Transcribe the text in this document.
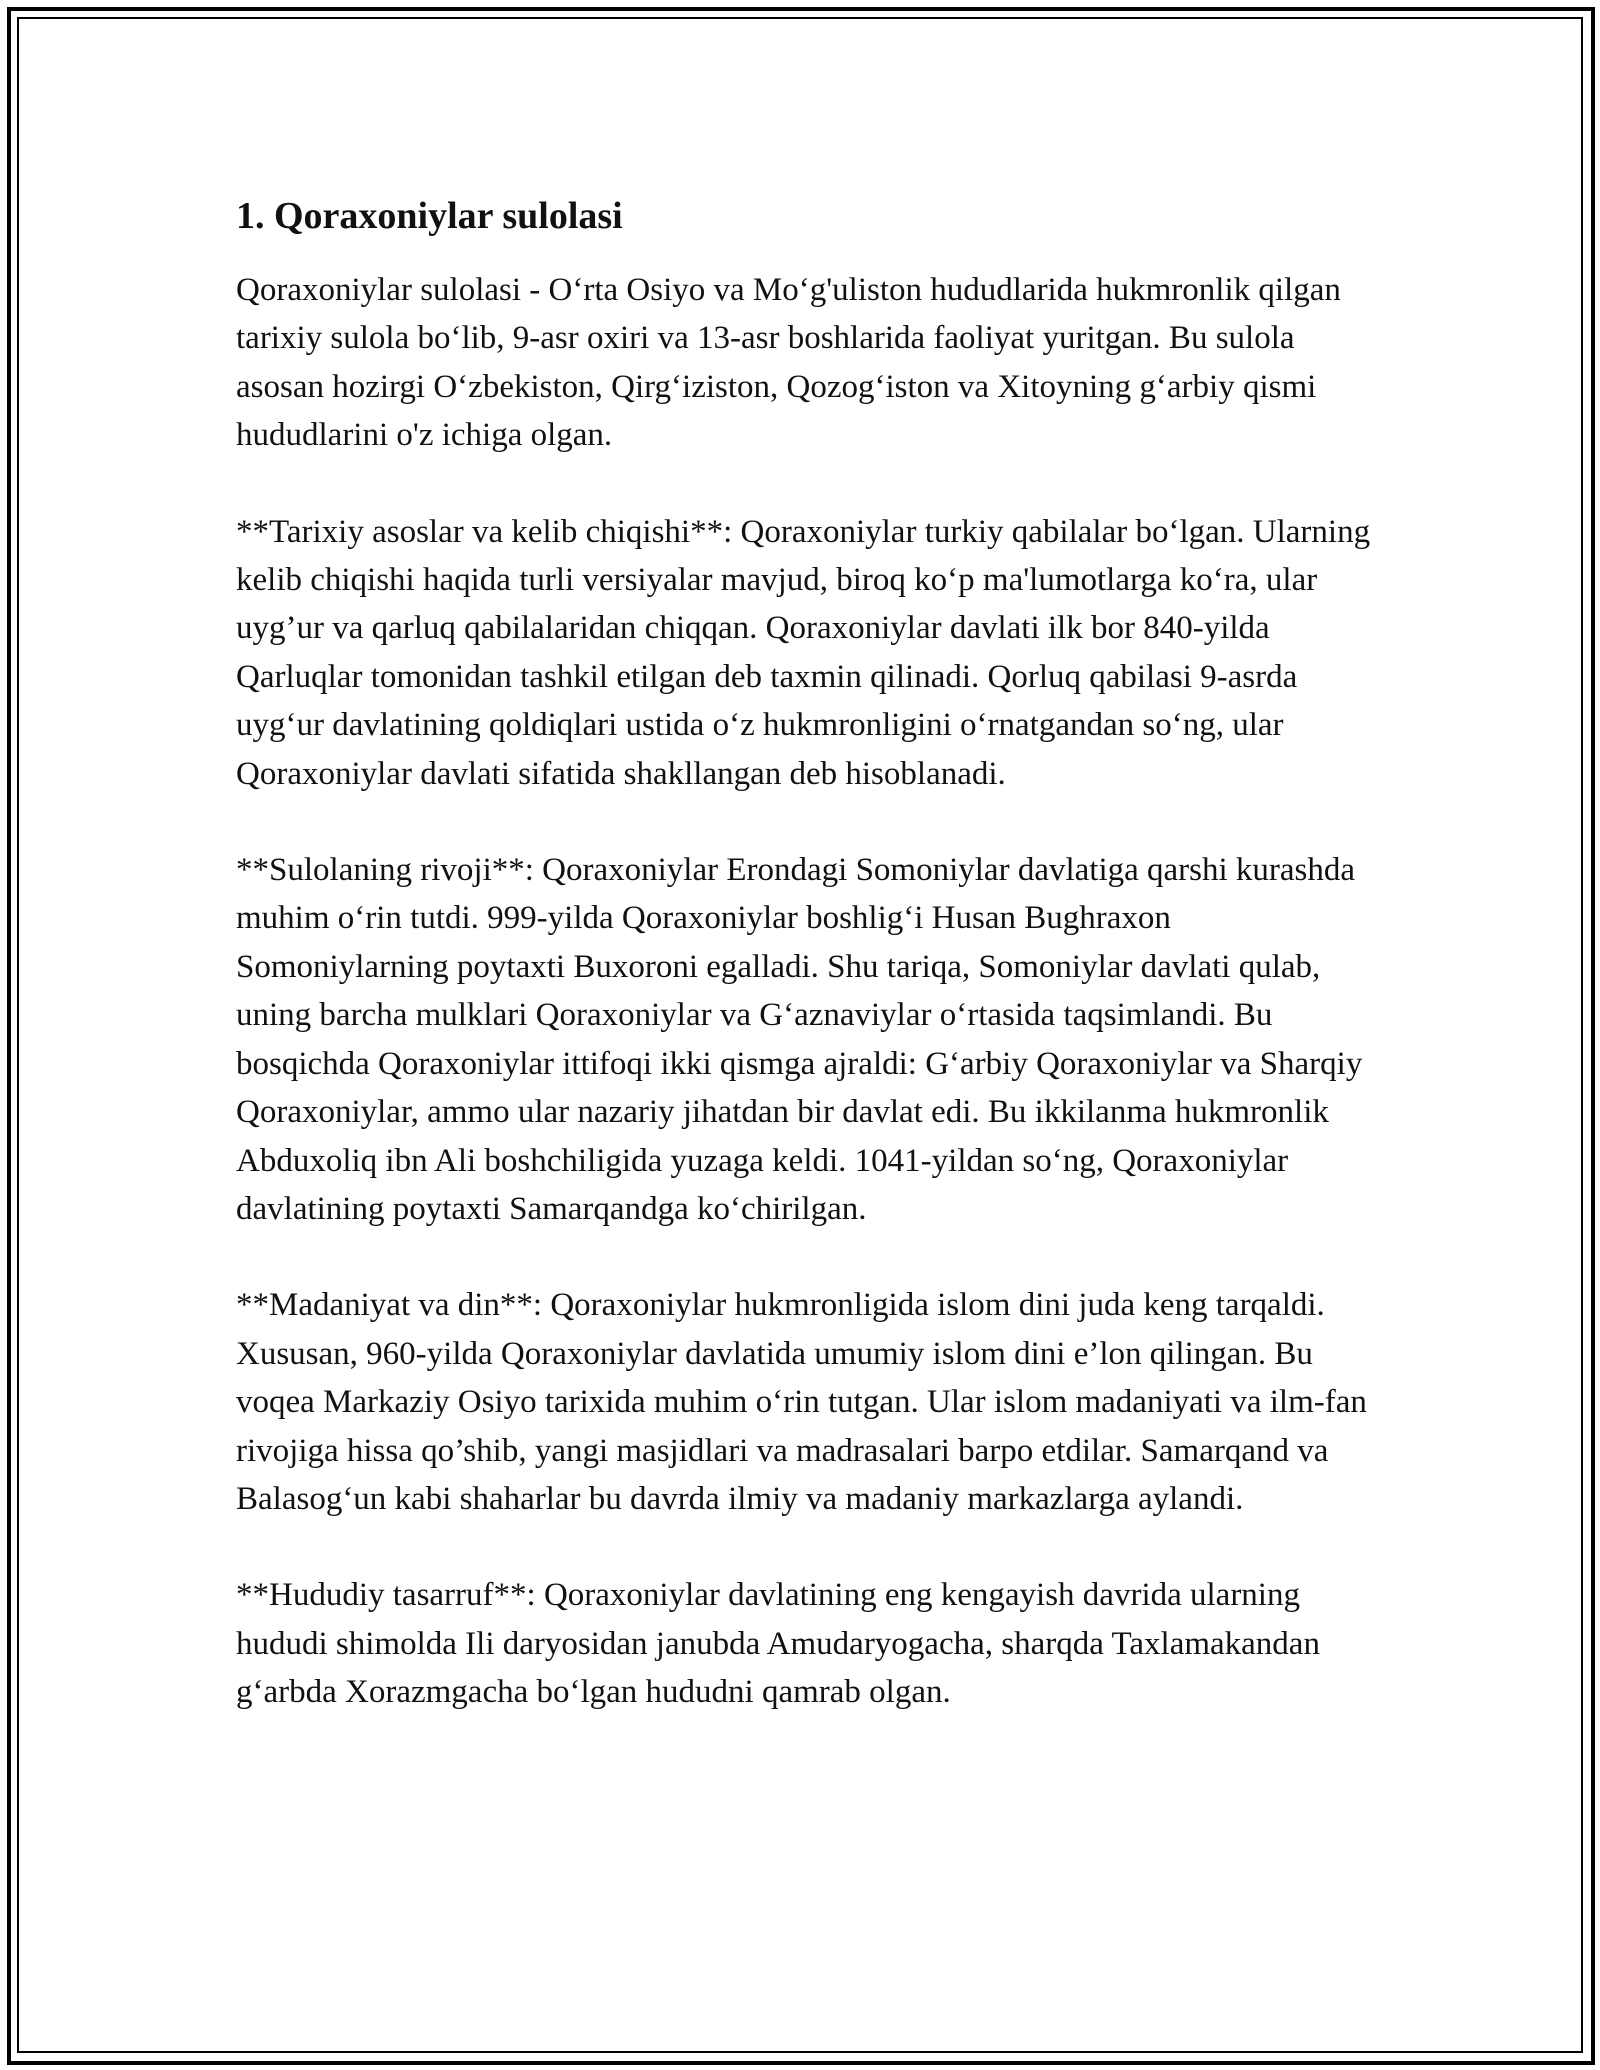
1. Qoraxoniylar sulolasi

Qoraxoniylar sulolasi - O‘rta Osiyo va Mo‘g'uliston hududlarida hukmronlik qilgan tarixiy sulola bo‘lib, 9-asr oxiri va 13-asr boshlarida faoliyat yuritgan. Bu sulola asosan hozirgi O‘zbekiston, Qirg‘iziston, Qozog‘iston va Xitoyning g‘arbiy qismi hududlarini o'z ichiga olgan.

**Tarixiy asoslar va kelib chiqishi**: Qoraxoniylar turkiy qabilalar bo‘lgan. Ularning kelib chiqishi haqida turli versiyalar mavjud, biroq ko‘p ma'lumotlarga ko‘ra, ular uyg’ur va qarluq qabilalaridan chiqqan. Qoraxoniylar davlati ilk bor 840-yilda Qarluqlar tomonidan tashkil etilgan deb taxmin qilinadi. Qorluq qabilasi 9-asrda uyg‘ur davlatining qoldiqlari ustida o‘z hukmronligini o‘rnatgandan so‘ng, ular Qoraxoniylar davlati sifatida shakllangan deb hisoblanadi.

**Sulolaning rivoji**: Qoraxoniylar Erondagi Somoniylar davlatiga qarshi kurashda muhim o‘rin tutdi. 999-yilda Qoraxoniylar boshlig‘i Husan Bughraxon Somoniylarning poytaxti Buxoroni egalladi. Shu tariqa, Somoniylar davlati qulab, uning barcha mulklari Qoraxoniylar va G‘aznaviylar o‘rtasida taqsimlandi. Bu bosqichda Qoraxoniylar ittifoqi ikki qismga ajraldi: G‘arbiy Qoraxoniylar va Sharqiy Qoraxoniylar, ammo ular nazariy jihatdan bir davlat edi. Bu ikkilanma hukmronlik Abduxoliq ibn Ali boshchiligida yuzaga keldi. 1041-yildan so‘ng, Qoraxoniylar davlatining poytaxti Samarqandga ko‘chirilgan.

**Madaniyat va din**: Qoraxoniylar hukmronligida islom dini juda keng tarqaldi. Xususan, 960-yilda Qoraxoniylar davlatida umumiy islom dini e’lon qilingan. Bu voqea Markaziy Osiyo tarixida muhim o‘rin tutgan. Ular islom madaniyati va ilm-fan rivojiga hissa qo’shib, yangi masjidlari va madrasalari barpo etdilar. Samarqand va Balasog‘un kabi shaharlar bu davrda ilmiy va madaniy markazlarga aylandi.

**Hududiy tasarruf**: Qoraxoniylar davlatining eng kengayish davrida ularning hududi shimolda Ili daryosidan janubda Amudaryogacha, sharqda Taxlamakandan g‘arbda Xorazmgacha bo‘lgan hududni qamrab olgan.
